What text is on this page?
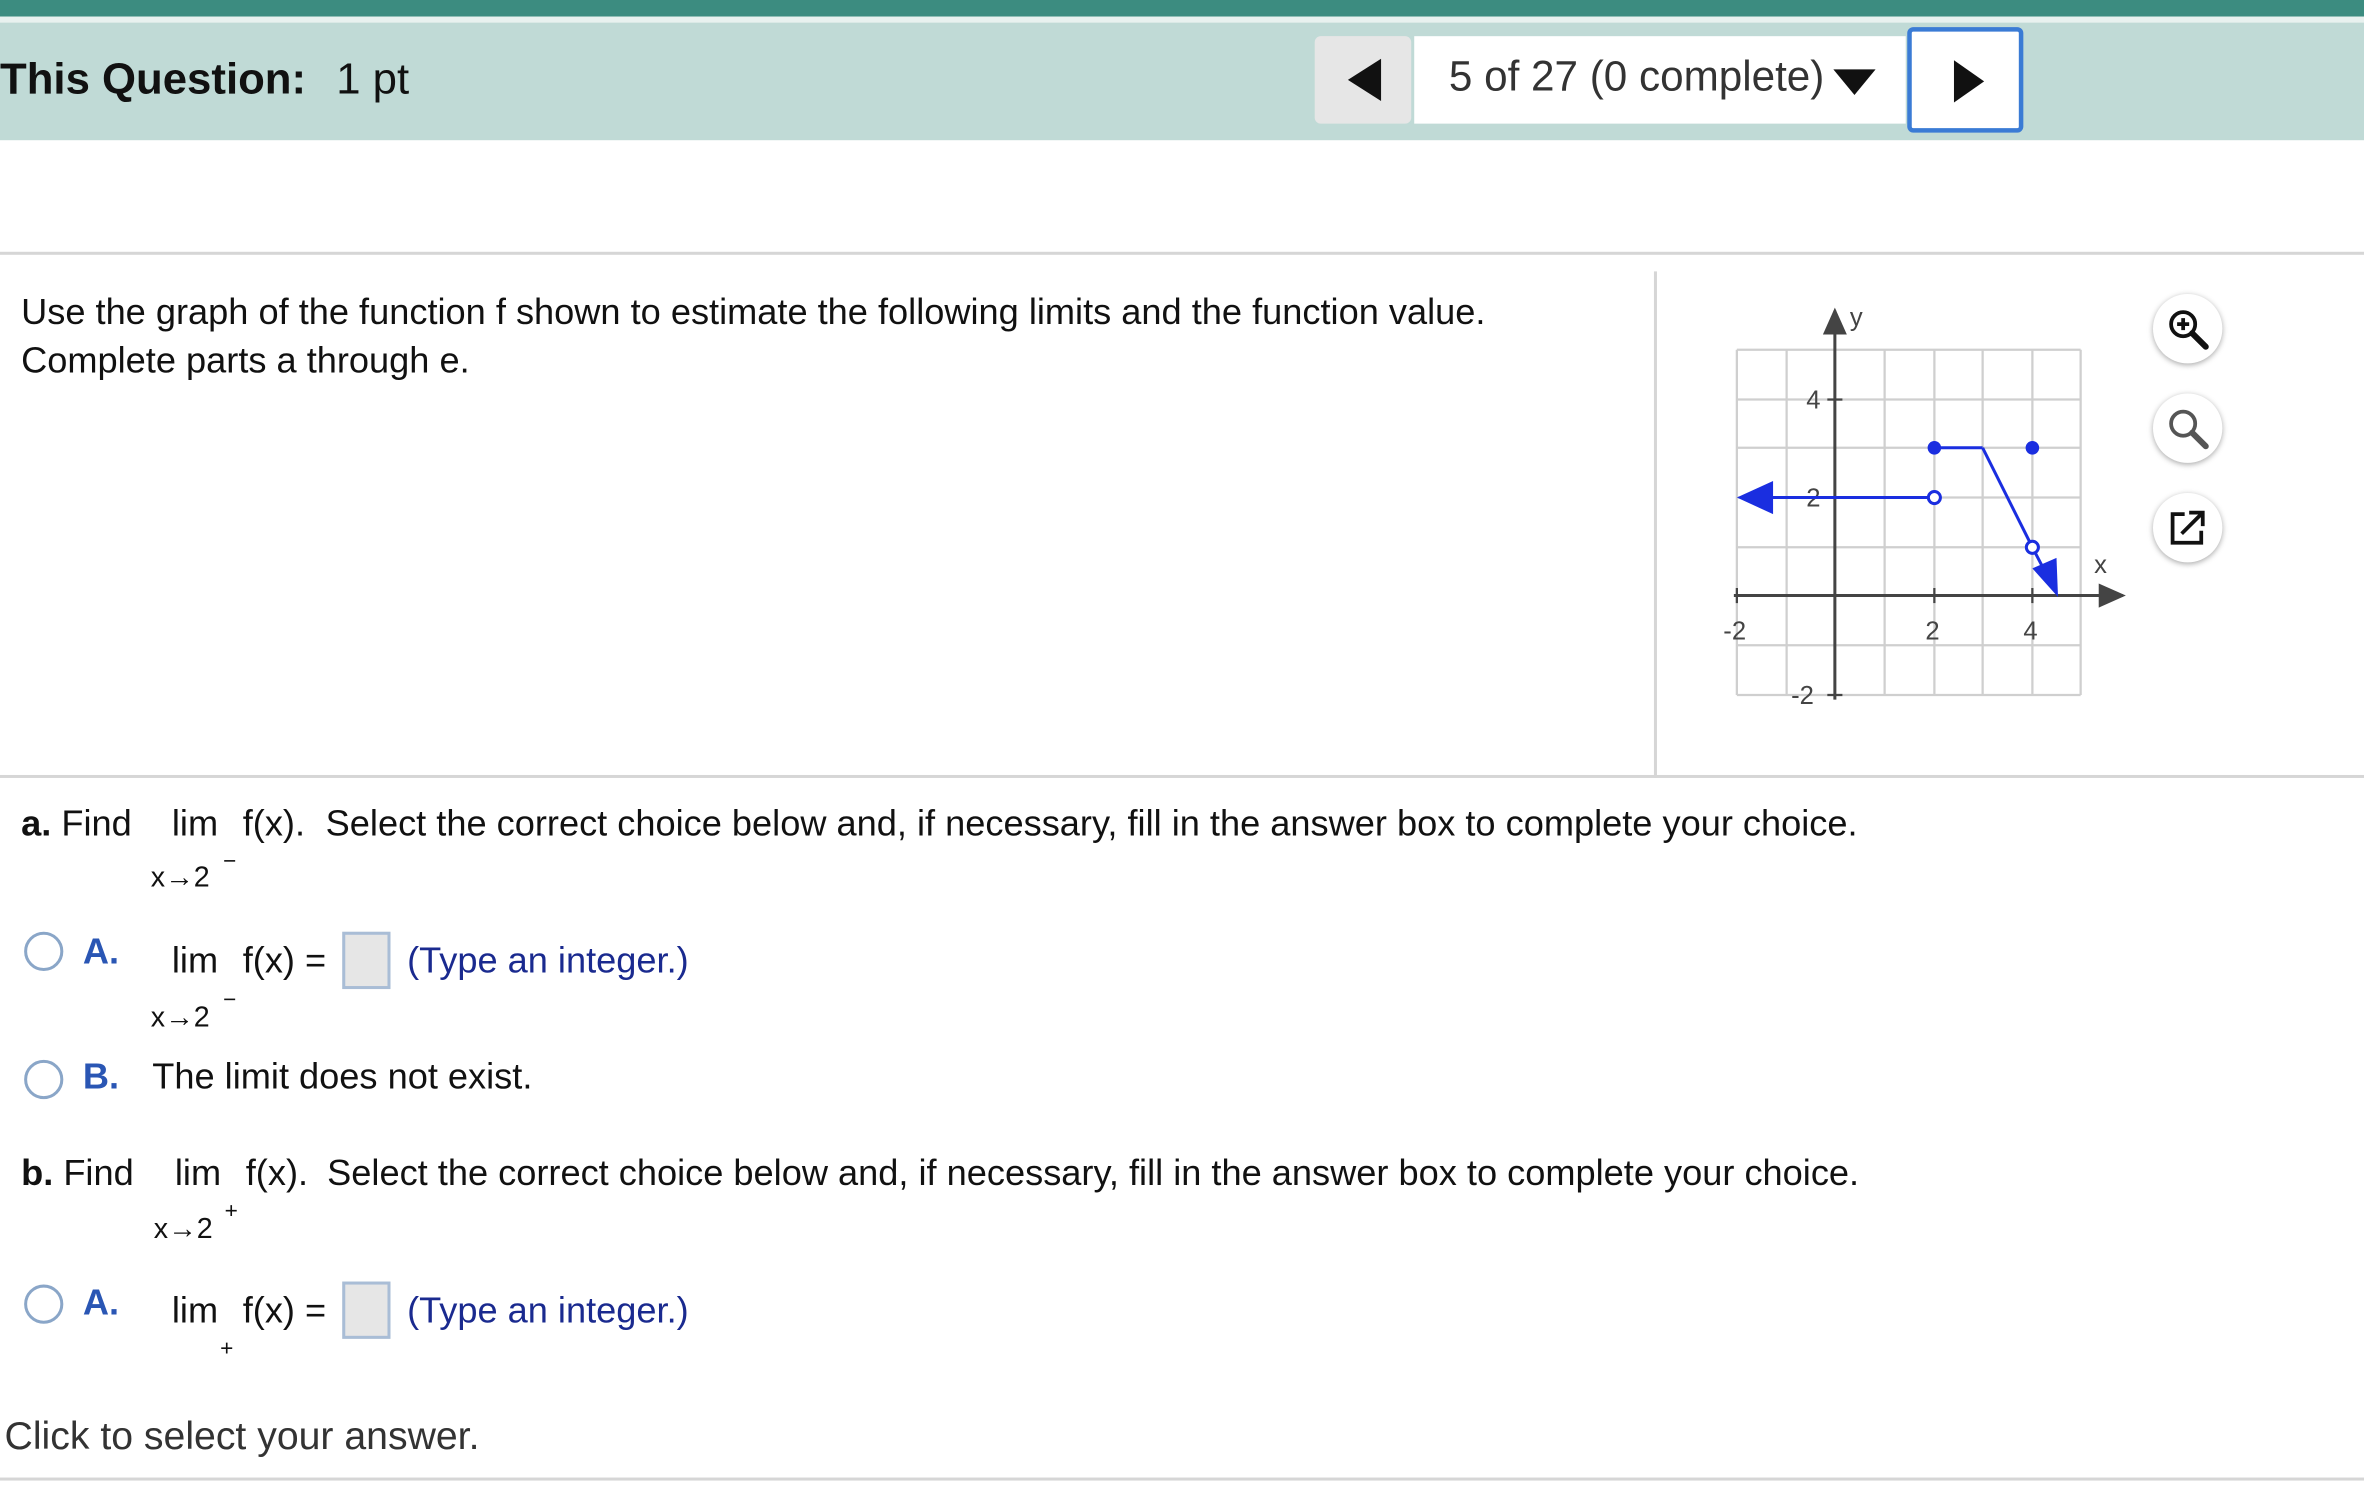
This Question: 1 pt	5 of 27 (0 complete)
Use the graph of the function f shown to estimate the following limits and the function value.
Complete parts a through e.
-2	2	4
4
2
-2
y
x
a. Find lim f(x). Select the correct choice below and, if necessary, fill in the answer box to complete your choice.
x→2
−
A. lim f(x) =	(Type an integer.)
x→2
−
B. The limit does not exist.
b. Find lim f(x). Select the correct choice below and, if necessary, fill in the answer box to complete your choice.
x→2
+
A. lim f(x) =	(Type an integer.)
+
Click to select your answer.
